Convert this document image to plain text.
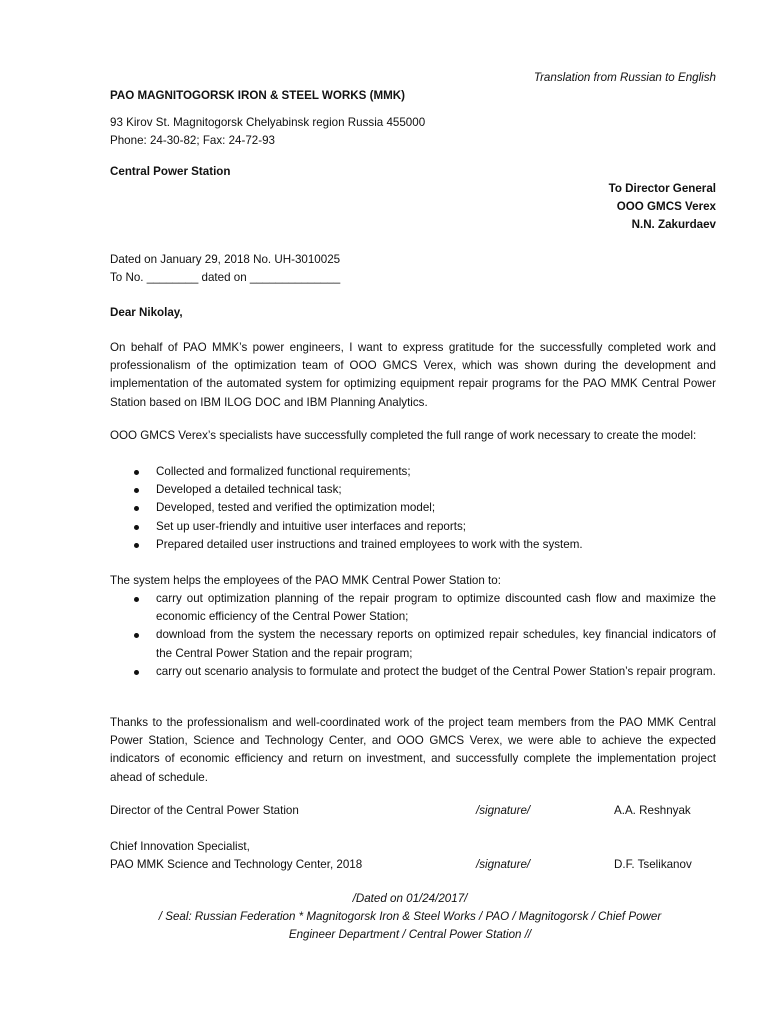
Translation from Russian to English

PAO MAGNITOGORSK IRON & STEEL WORKS (MMK)

93 Kirov St. Magnitogorsk Chelyabinsk region Russia 455000

Phone: 24-30-82; Fax: 24-72-93

Central Power Station

To Director General
OOO GMCS Verex
N.N. Zakurdaev

Dated on January 29, 2018 No. UH-3010025

To No. ________ dated on ______________

Dear Nikolay,

On behalf of PAO MMK’s power engineers, I want to express gratitude for the successfully completed work and professionalism of the optimization team of OOO GMCS Verex, which was shown during the development and implementation of the automated system for optimizing equipment repair programs for the PAO MMK Central Power Station based on IBM ILOG DOC and IBM Planning Analytics.

OOO GMCS Verex’s specialists have successfully completed the full range of work necessary to create the model:

Collected and formalized functional requirements;
Developed a detailed technical task;
Developed, tested and verified the optimization model;
Set up user-friendly and intuitive user interfaces and reports;
Prepared detailed user instructions and trained employees to work with the system.

The system helps the employees of the PAO MMK Central Power Station to:

carry out optimization planning of the repair program to optimize discounted cash flow and maximize the economic efficiency of the Central Power Station;
download from the system the necessary reports on optimized repair schedules, key financial indicators of the Central Power Station and the repair program;
carry out scenario analysis to formulate and protect the budget of the Central Power Station’s repair program.

Thanks to the professionalism and well-coordinated work of the project team members from the PAO MMK Central Power Station, Science and Technology Center, and OOO GMCS Verex, we were able to achieve the expected indicators of economic efficiency and return on investment, and successfully complete the implementation project ahead of schedule.

Director of the Central Power Station	/signature/	A.A. Reshnyak
Chief Innovation Specialist,
PAO MMK Science and Technology Center, 2018	/signature/	D.F. Tselikanov
/Dated on 01/24/2017/
/ Seal: Russian Federation * Magnitogorsk Iron & Steel Works / PAO / Magnitogorsk / Chief Power
Engineer Department / Central Power Station //
